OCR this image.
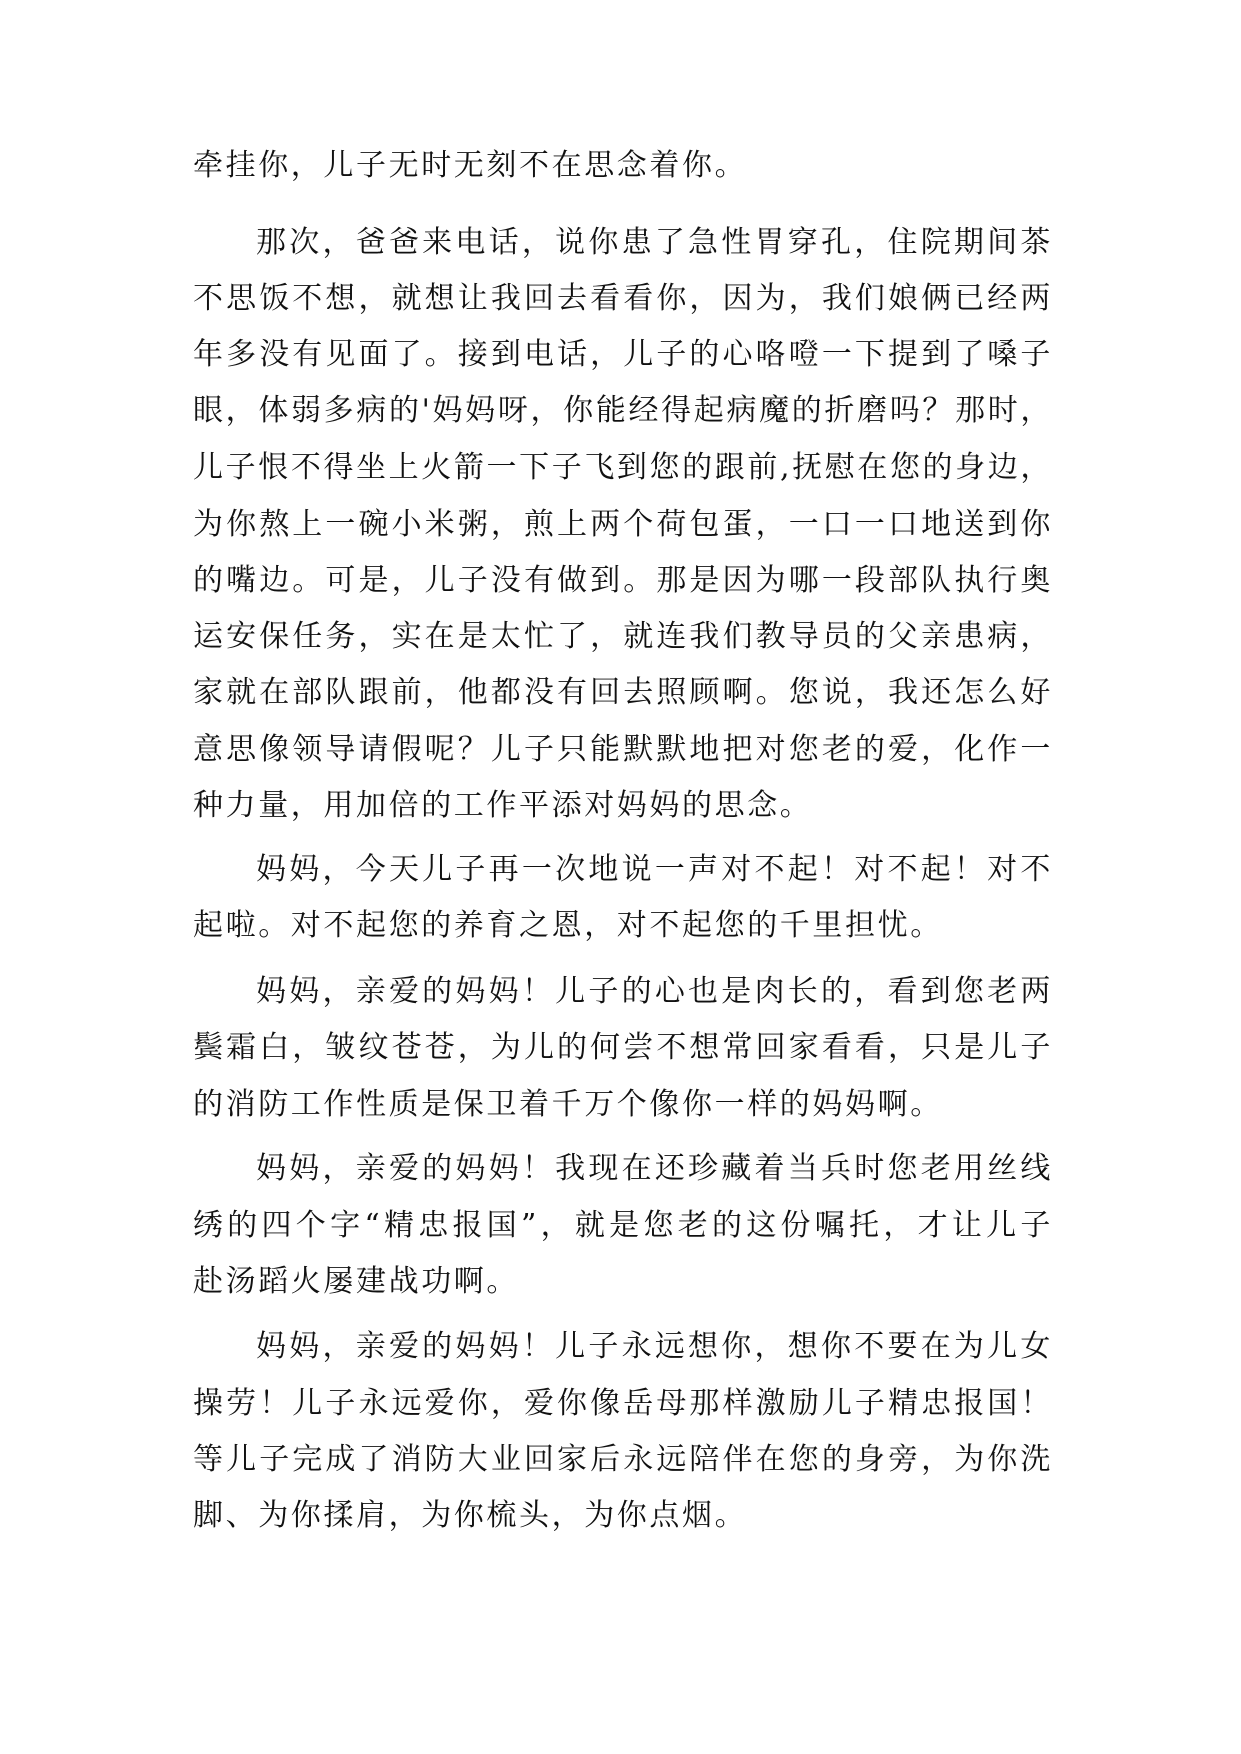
牵挂你，儿子无时无刻不在思念着你。
那次，爸爸来电话，说你患了急性胃穿孔，住院期间茶
不思饭不想，就想让我回去看看你，因为，我们娘俩已经两
年多没有见面了。接到电话，儿子的心咯噔一下提到了嗓子
眼，体弱多病的'妈妈呀，你能经得起病魔的折磨吗？那时，
儿子恨不得坐上火箭一下子飞到您的跟前,抚慰在您的身边，
为你熬上一碗小米粥，煎上两个荷包蛋，一口一口地送到你
的嘴边。可是，儿子没有做到。那是因为哪一段部队执行奥
运安保任务，实在是太忙了，就连我们教导员的父亲患病，
家就在部队跟前，他都没有回去照顾啊。您说，我还怎么好
意思像领导请假呢？儿子只能默默地把对您老的爱，化作一
种力量，用加倍的工作平添对妈妈的思念。
妈妈，今天儿子再一次地说一声对不起！对不起！对不
起啦。对不起您的养育之恩，对不起您的千里担忧。
妈妈，亲爱的妈妈！儿子的心也是肉长的，看到您老两
鬓霜白，皱纹苍苍，为儿的何尝不想常回家看看，只是儿子
的消防工作性质是保卫着千万个像你一样的妈妈啊。
妈妈，亲爱的妈妈！我现在还珍藏着当兵时您老用丝线
绣的四个字“精忠报国”，就是您老的这份嘱托，才让儿子
赴汤蹈火屡建战功啊。
妈妈，亲爱的妈妈！儿子永远想你，想你不要在为儿女
操劳！儿子永远爱你，爱你像岳母那样激励儿子精忠报国！
等儿子完成了消防大业回家后永远陪伴在您的身旁，为你洗
脚、为你揉肩，为你梳头，为你点烟。
